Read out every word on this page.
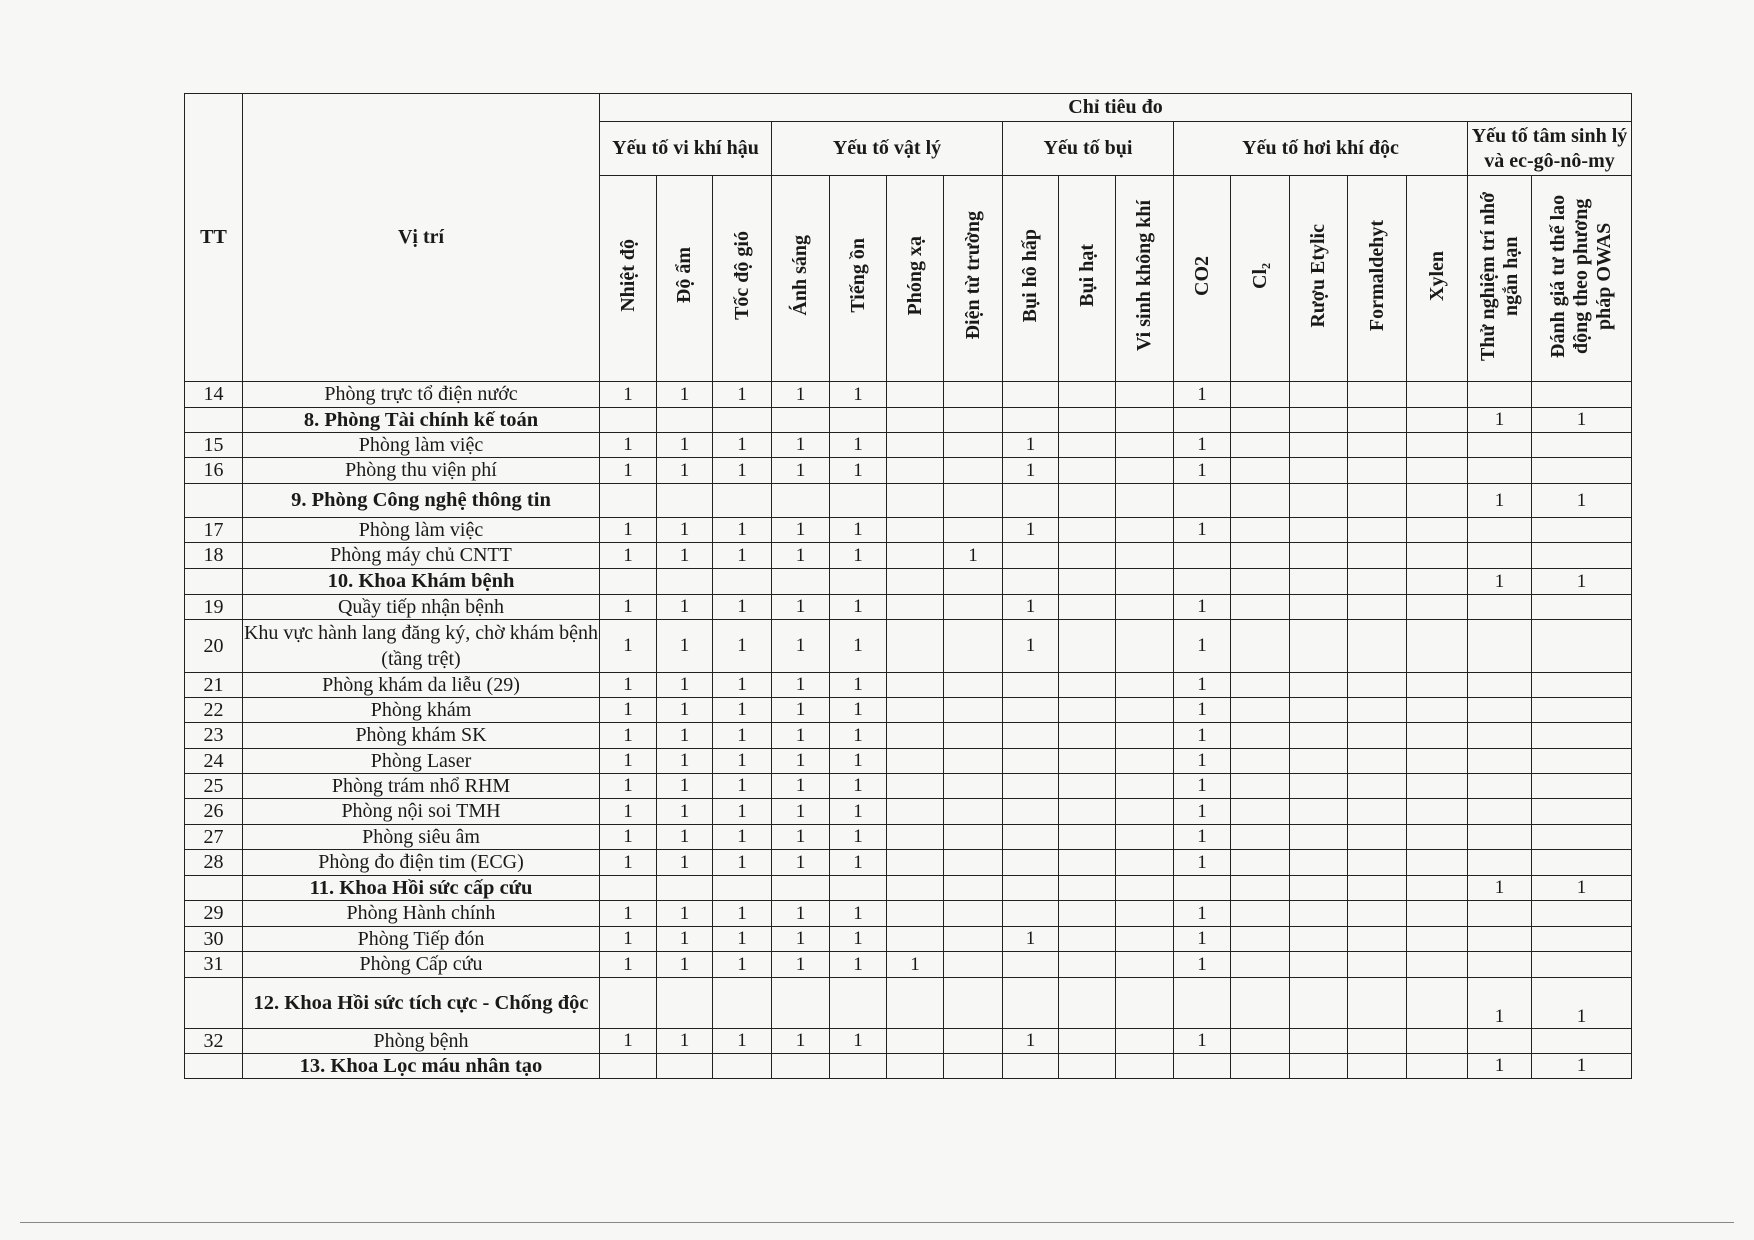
TT	Vị trí	Chỉ tiêu đo																
		Yếu tố vi khí hậu			Yếu tố vật lý				Yếu tố bụi			Yếu tố hơi khí độc					Yếu tố tâm sinh lý và ec-gô-nô-my	
		Nhiệt độ	Độ ẩm	Tốc độ gió	Ánh sáng	Tiếng ồn	Phóng xạ	Điện từ trường	Bụi hô hấp	Bụi hạt	Vi sinh không khí	CO2	Cl₂	Rượu Etylic	Formaldehyt	Xylen	Thử nghiệm trí nhớ ngắn hạn	Đánh giá tư thế lao động theo phương pháp OWAS
14	Phòng trực tổ điện nước	1	1	1	1	1						1						
	8. Phòng Tài chính kế toán																1	1
15	Phòng làm việc	1	1	1	1	1			1			1						
16	Phòng thu viện phí	1	1	1	1	1			1			1						
	9. Phòng Công nghệ thông tin																1	1
17	Phòng làm việc	1	1	1	1	1			1			1						
18	Phòng máy chủ CNTT	1	1	1	1	1		1										
	10. Khoa Khám bệnh																1	1
19	Quầy tiếp nhận bệnh	1	1	1	1	1			1			1						
20	Khu vực hành lang đăng ký, chờ khám bệnh (tầng trệt)	1	1	1	1	1			1			1						
21	Phòng khám da liễu (29)	1	1	1	1	1						1						
22	Phòng khám	1	1	1	1	1						1						
23	Phòng khám SK	1	1	1	1	1						1						
24	Phòng Laser	1	1	1	1	1						1						
25	Phòng trám nhổ RHM	1	1	1	1	1						1						
26	Phòng nội soi TMH	1	1	1	1	1						1						
27	Phòng siêu âm	1	1	1	1	1						1						
28	Phòng đo điện tim (ECG)	1	1	1	1	1						1						
	11. Khoa Hồi sức cấp cứu																1	1
29	Phòng Hành chính	1	1	1	1	1						1						
30	Phòng Tiếp đón	1	1	1	1	1			1			1						
31	Phòng Cấp cứu	1	1	1	1	1	1					1						
	12. Khoa Hồi sức tích cực - Chống độc																1	1
32	Phòng bệnh	1	1	1	1	1			1			1						
	13. Khoa Lọc máu nhân tạo																1	1
